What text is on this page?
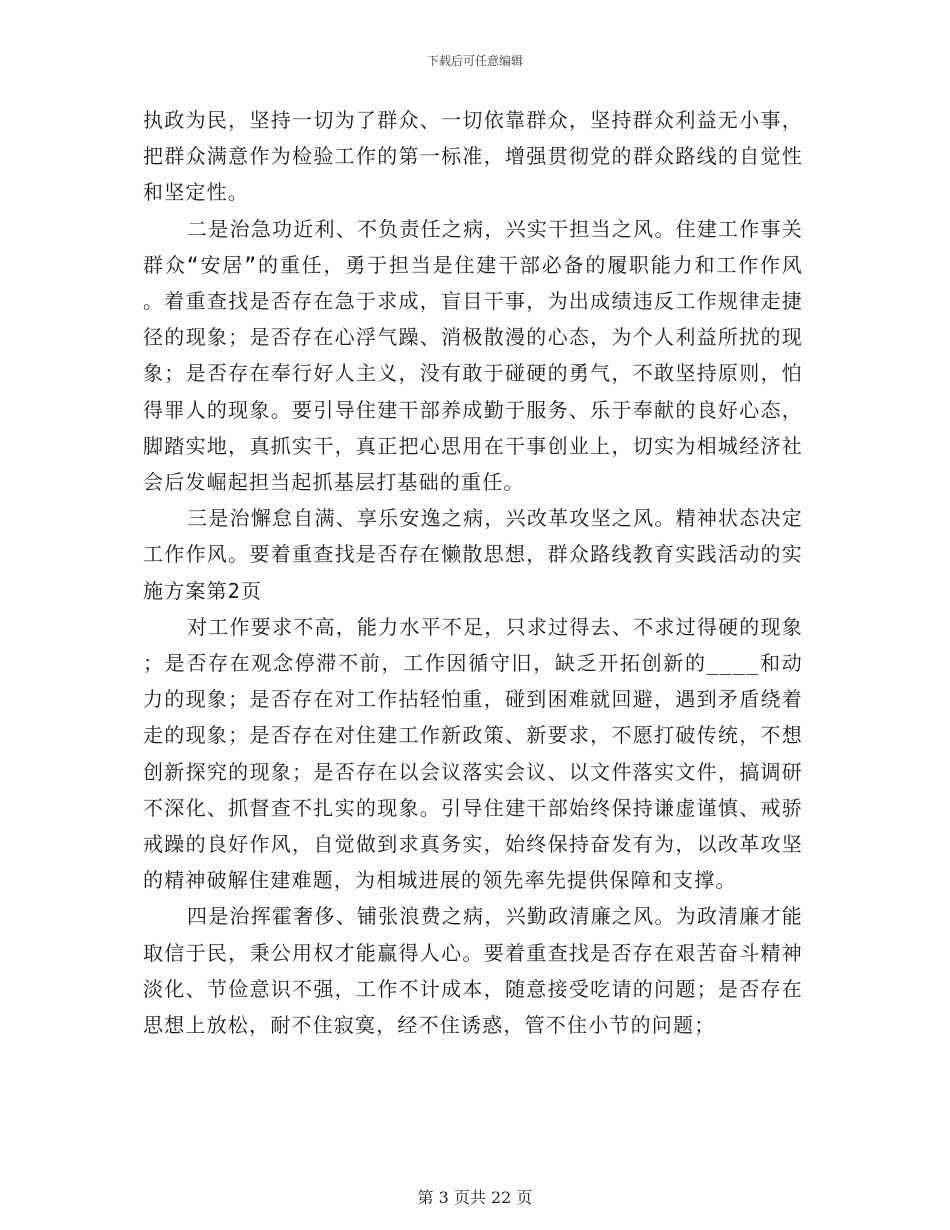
下载后可任意编辑

执政为民，坚持一切为了群众、一切依靠群众，坚持群众利益无小事，把群众满意作为检验工作的第一标准，增强贯彻党的群众路线的自觉性和坚定性。

二是治急功近利、不负责任之病，兴实干担当之风。住建工作事关群众“安居”的重任，勇于担当是住建干部必备的履职能力和工作作风。着重查找是否存在急于求成，盲目干事，为出成绩违反工作规律走捷径的现象；是否存在心浮气躁、消极散漫的心态，为个人利益所扰的现象；是否存在奉行好人主义，没有敢于碰硬的勇气，不敢坚持原则，怕得罪人的现象。要引导住建干部养成勤于服务、乐于奉献的良好心态，脚踏实地，真抓实干，真正把心思用在干事创业上，切实为相城经济社会后发崛起担当起抓基层打基础的重任。

三是治懈怠自满、享乐安逸之病，兴改革攻坚之风。精神状态决定工作作风。要着重查找是否存在懒散思想，群众路线教育实践活动的实施方案第2页

对工作要求不高，能力水平不足，只求过得去、不求过得硬的现象；是否存在观念停滞不前，工作因循守旧，缺乏开拓创新的____和动力的现象；是否存在对工作拈轻怕重，碰到困难就回避，遇到矛盾绕着走的现象；是否存在对住建工作新政策、新要求，不愿打破传统，不想创新探究的现象；是否存在以会议落实会议、以文件落实文件，搞调研不深化、抓督查不扎实的现象。引导住建干部始终保持谦虚谨慎、戒骄戒躁的良好作风，自觉做到求真务实，始终保持奋发有为，以改革攻坚的精神破解住建难题，为相城进展的领先率先提供保障和支撑。

四是治挥霍奢侈、铺张浪费之病，兴勤政清廉之风。为政清廉才能取信于民，秉公用权才能赢得人心。要着重查找是否存在艰苦奋斗精神淡化、节俭意识不强，工作不计成本，随意接受吃请的问题；是否存在思想上放松，耐不住寂寞，经不住诱惑，管不住小节的问题；

第 3 页共 22 页
